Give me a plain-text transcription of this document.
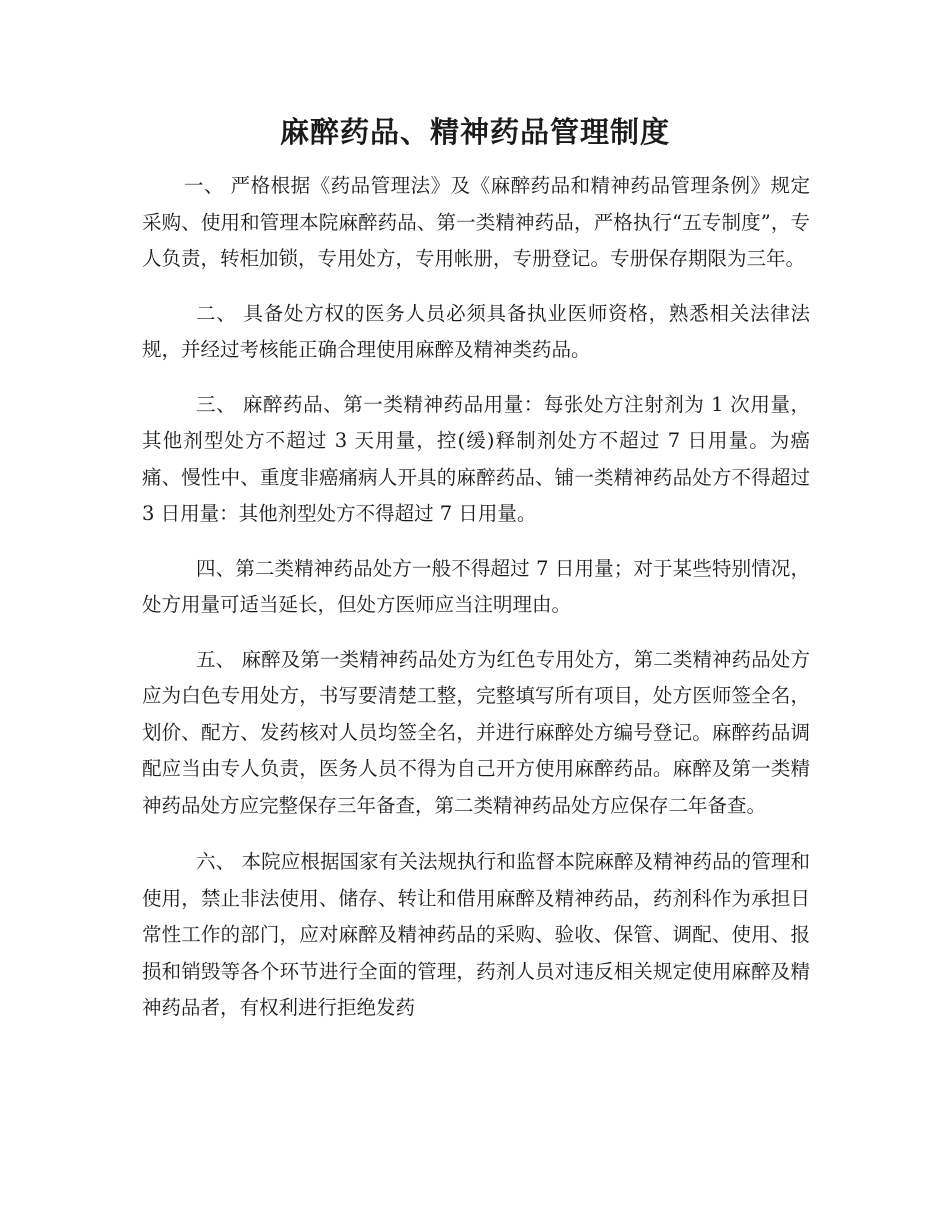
麻醉药品、精神药品管理制度

一、 严格根据《药品管理法》及《麻醉药品和精神药品管理条例》规定采购、使用和管理本院麻醉药品、第一类精神药品，严格执行“五专制度”，专人负责，转柜加锁，专用处方，专用帐册，专册登记。专册保存期限为三年。

二、 具备处方权的医务人员必须具备执业医师资格，熟悉相关法律法规，并经过考核能正确合理使用麻醉及精神类药品。

三、 麻醉药品、第一类精神药品用量：每张处方注射剂为 1 次用量，其他剂型处方不超过 3 天用量，控(缓)释制剂处方不超过 7 日用量。为癌痛、慢性中、重度非癌痛病人开具的麻醉药品、铺一类精神药品处方不得超过 3 日用量：其他剂型处方不得超过 7 日用量。

四、第二类精神药品处方一般不得超过 7 日用量；对于某些特别情况，处方用量可适当延长，但处方医师应当注明理由。

五、 麻醉及第一类精神药品处方为红色专用处方，第二类精神药品处方应为白色专用处方，书写要清楚工整，完整填写所有项目，处方医师签全名，划价、配方、发药核对人员均签全名，并进行麻醉处方编号登记。麻醉药品调配应当由专人负责，医务人员不得为自己开方使用麻醉药品。麻醉及第一类精神药品处方应完整保存三年备查，第二类精神药品处方应保存二年备查。

六、 本院应根据国家有关法规执行和监督本院麻醉及精神药品的管理和使用，禁止非法使用、储存、转让和借用麻醉及精神药品，药剂科作为承担日常性工作的部门，应对麻醉及精神药品的采购、验收、保管、调配、使用、报损和销毁等各个环节进行全面的管理，药剂人员对违反相关规定使用麻醉及精神药品者，有权利进行拒绝发药
